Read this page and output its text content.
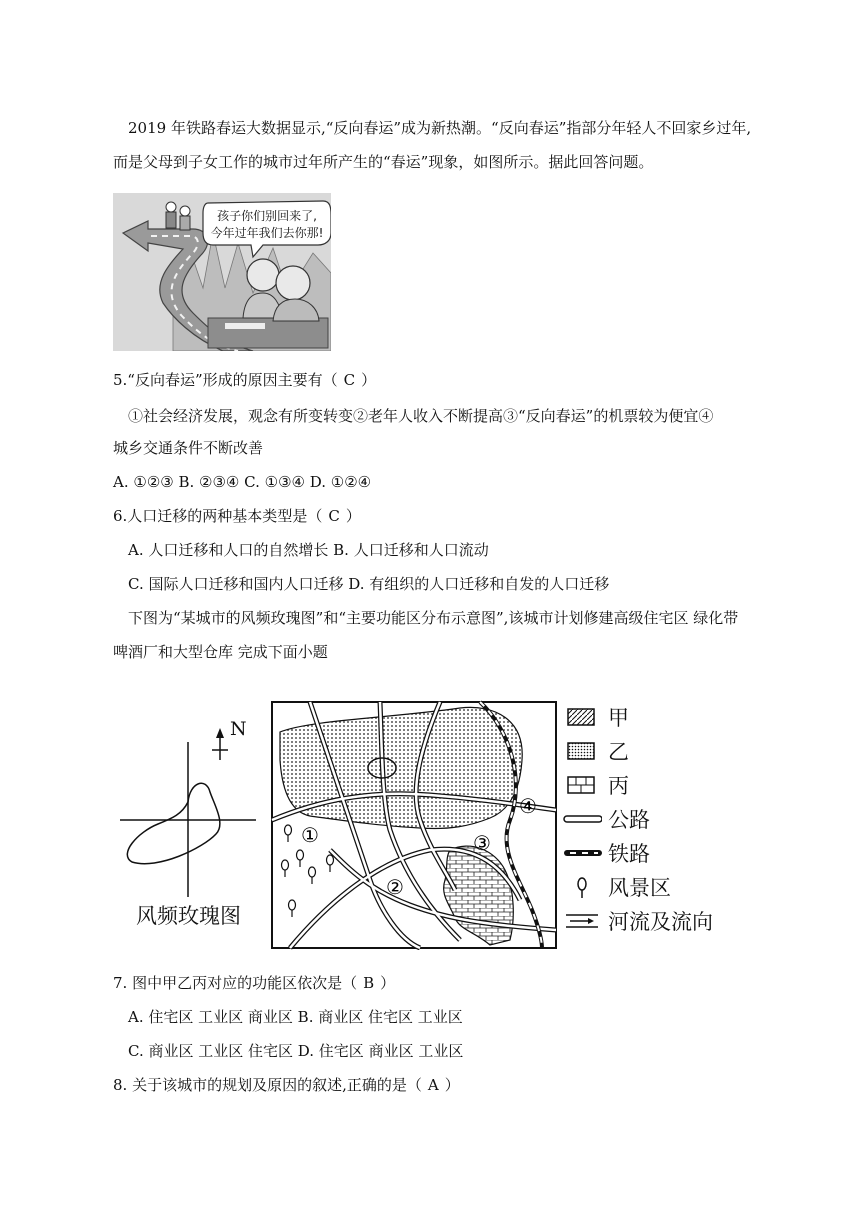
2019 年铁路春运大数据显示,“反向春运”成为新热潮。“反向春运”指部分年轻人不回家乡过年,
而是父母到子女工作的城市过年所产生的“春运”现象，如图所示。据此回答问题。
孩子你们别回来了,
今年过年我们去你那!
5.“反向春运”形成的原因主要有（ C ）
①社会经济发展，观念有所变转变②老年人收入不断提高③“反向春运”的机票较为便宜④
城乡交通条件不断改善
A. ①②③ B. ②③④ C. ①③④ D. ①②④
6.人口迁移的两种基本类型是（ C ）
A. 人口迁移和人口的自然增长 B. 人口迁移和人口流动
C. 国际人口迁移和国内人口迁移 D. 有组织的人口迁移和自发的人口迁移
下图为“某城市的风频玫瑰图”和“主要功能区分布示意图”,该城市计划修建高级住宅区 绿化带
啤酒厂和大型仓库 完成下面小题
N
风频玫瑰图
①
②
③
④
甲
乙
丙
公路
铁路
风景区
河流及流向
7. 图中甲乙丙对应的功能区依次是（ B ）
A. 住宅区 工业区 商业区 B. 商业区 住宅区 工业区
C. 商业区 工业区 住宅区 D. 住宅区 商业区 工业区
8. 关于该城市的规划及原因的叙述,正确的是（ A ）
